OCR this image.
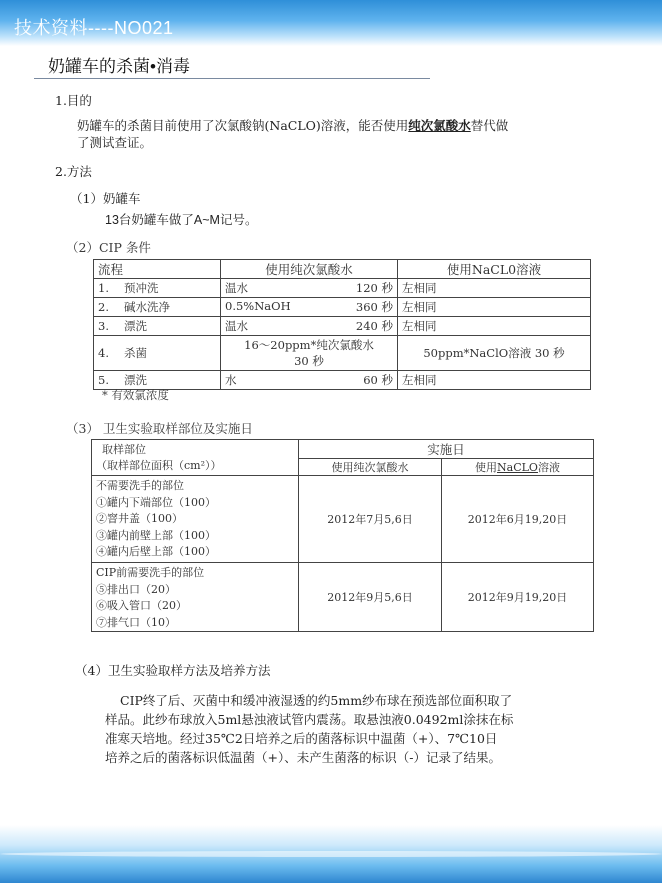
技术资料----NO021
奶罐车的杀菌•消毒
1.目的
奶罐车的杀菌目前使用了次氯酸钠(NaCLO)溶液，能否使用纯次氯酸水替代做
了测试查证。
2.方法
（1）奶罐车
13台奶罐车做了A~M记号。
（2）CIP 条件
流程	使用纯次氯酸水	使用NaCL0溶液
1. 预冲洗	温水 120 秒	左相同
2. 碱水洗净	0.5%NaOH 360 秒	左相同
3. 漂洗	温水 240 秒	左相同
4. 杀菌	16～20ppm*纯次氯酸水
30 秒	50ppm*NaClO溶液 30 秒
5. 漂洗	水 60 秒	左相同
* 有效氯浓度
（3） 卫生实验取样部位及实施日
取样部位
（取样部位面积（cm²））	实施日	
	使用纯次氯酸水	使用NaCLO溶液

不需要洗手的部位
①罐内下端部位（100）
②窨井盖（100）
③罐内前壁上部（100）
④罐内后壁上部（100）	2012年7月5,6日	2012年6月19,20日

CIP前需要洗手的部位
⑤排出口（20）
⑥吸入管口（20）
⑦排气口（10）	2012年9月5,6日	2012年9月19,20日
（4）卫生实验取样方法及培养方法
CIP终了后、灭菌中和缓冲液湿透的约5mm纱布球在预选部位面积取了
样品。此纱布球放入5ml悬浊液试管内震荡。取悬浊液0.0492ml涂抹在标
准寒天培地。经过35℃2日培养之后的菌落标识中温菌（+）、7℃10日
培养之后的菌落标识低温菌（+）、未产生菌落的标识（-）记录了结果。
